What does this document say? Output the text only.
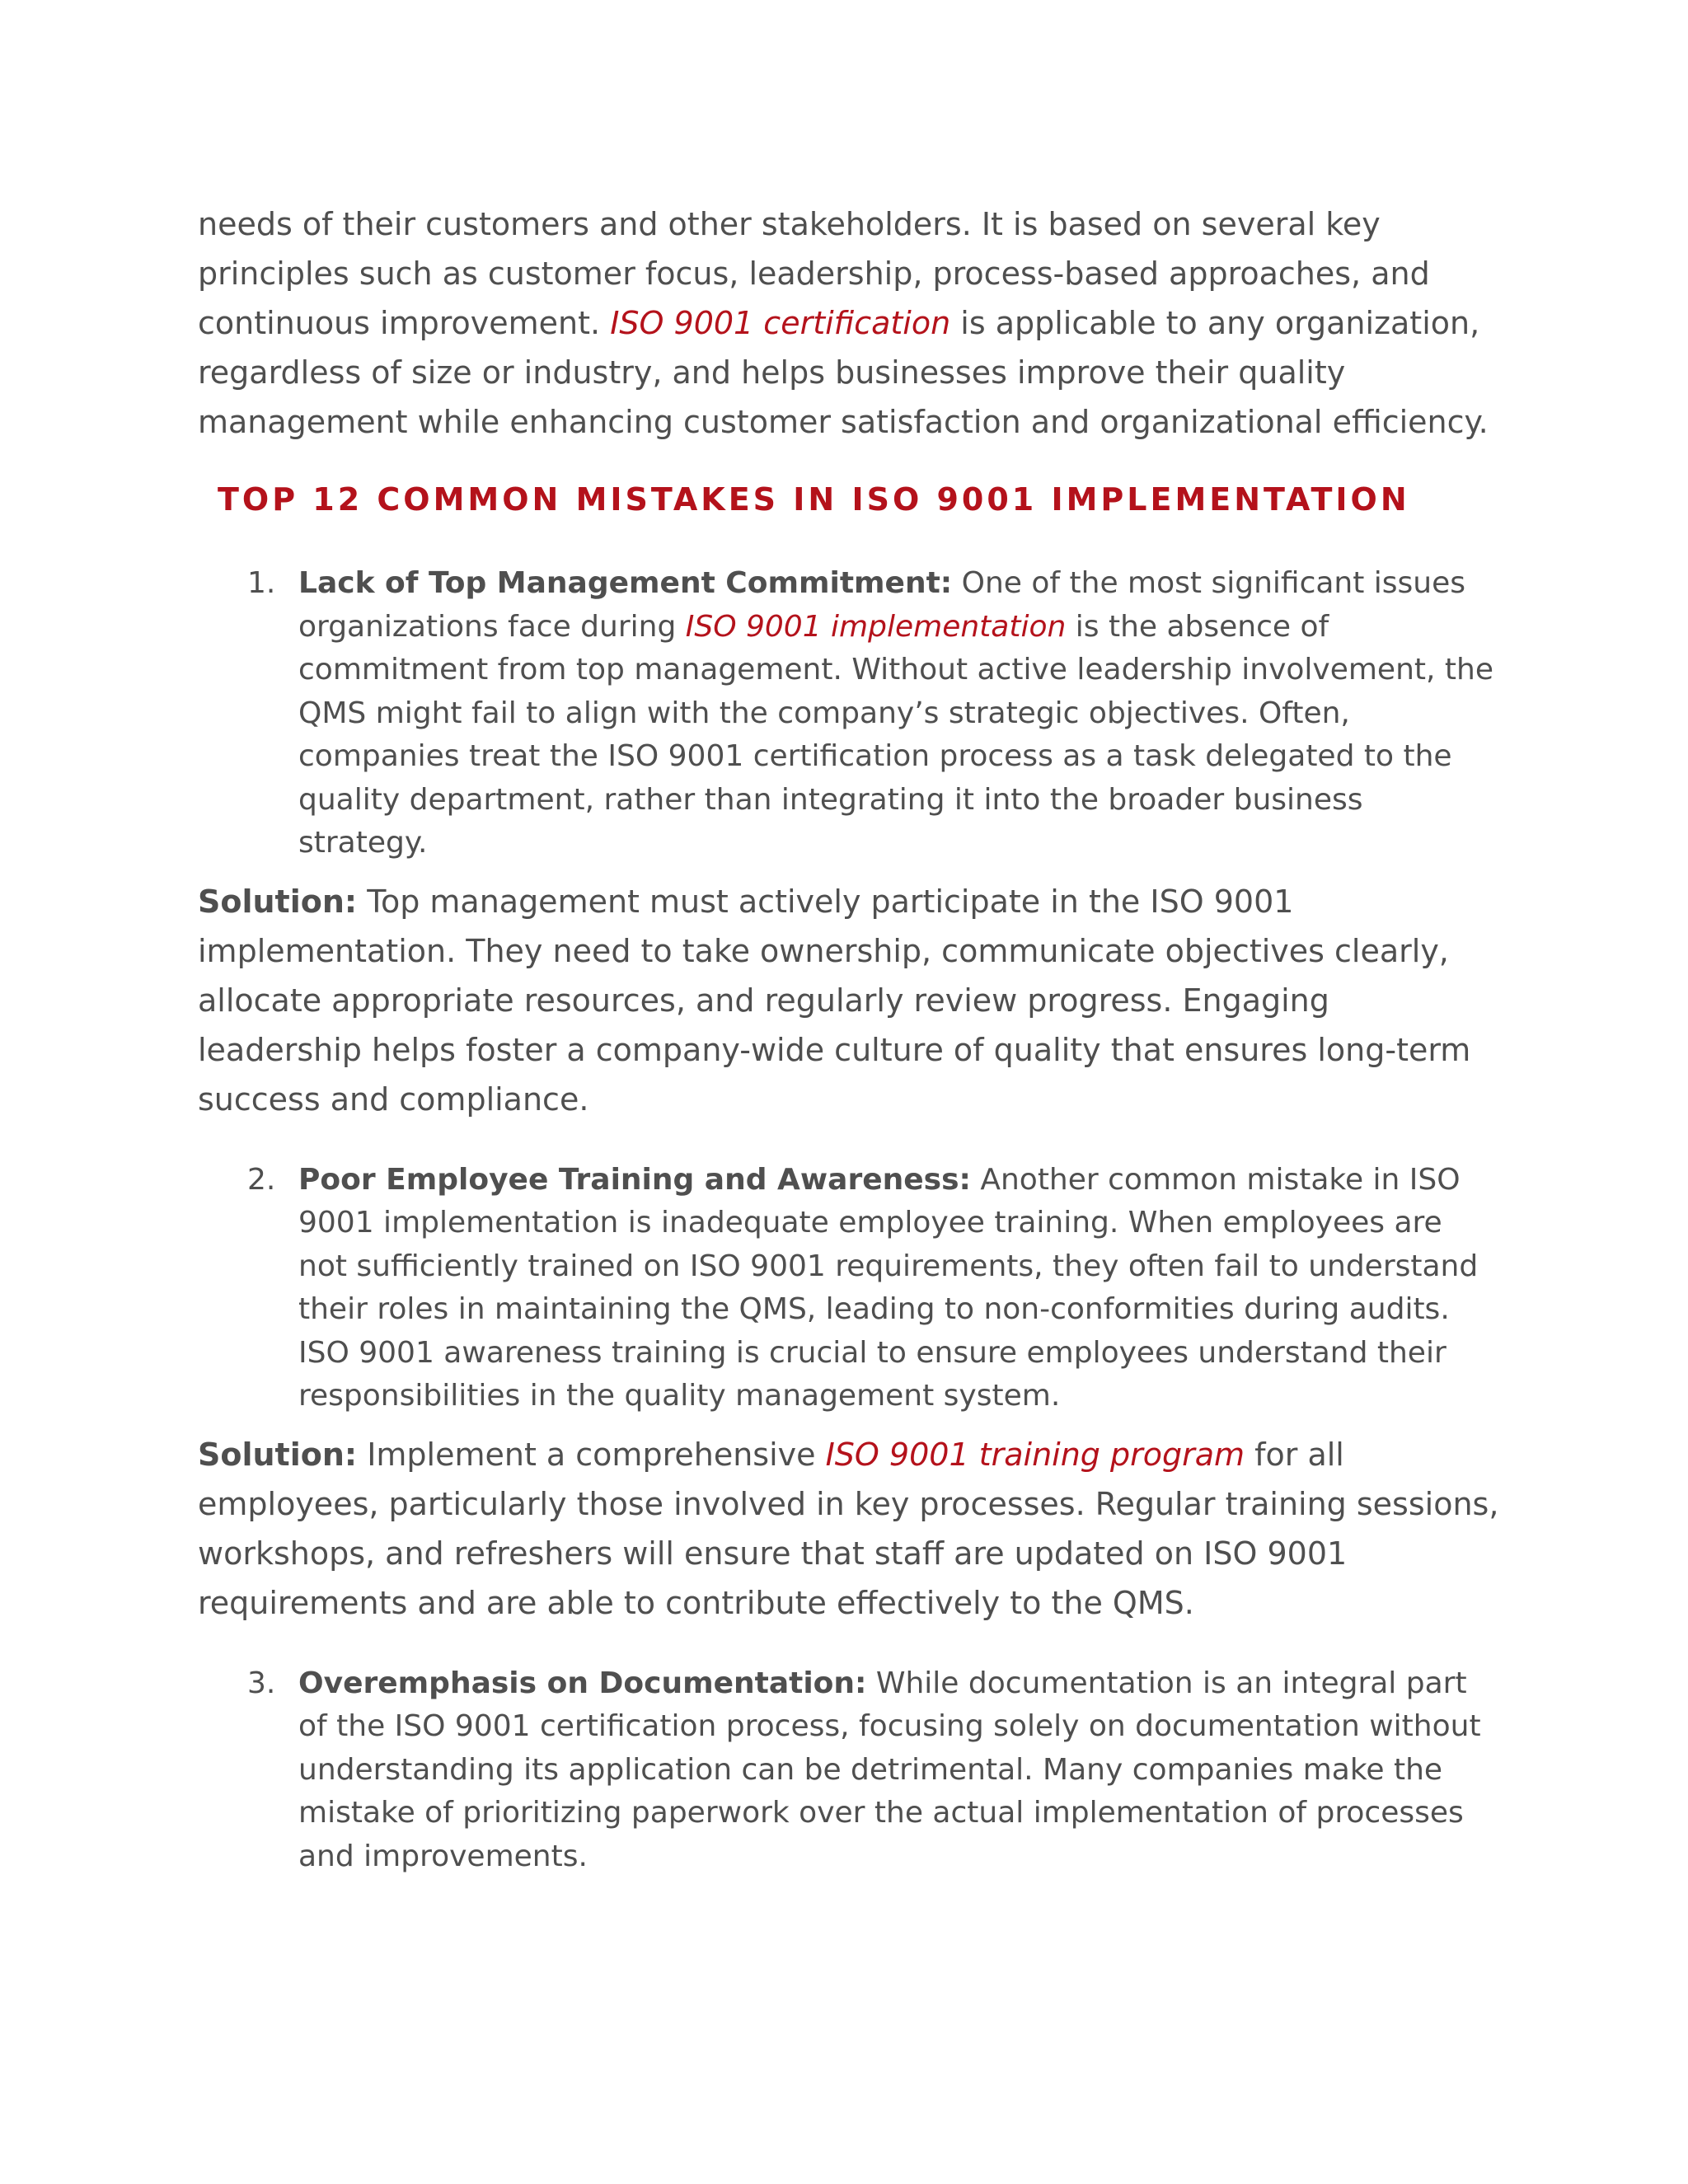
needs of their customers and other stakeholders. It is based on several key principles such as customer focus, leadership, process-based approaches, and continuous improvement. ISO 9001 certification is applicable to any organization, regardless of size or industry, and helps businesses improve their quality management while enhancing customer satisfaction and organizational efficiency.

TOP 12 COMMON MISTAKES IN ISO 9001 IMPLEMENTATION

1. Lack of Top Management Commitment: One of the most significant issues organizations face during ISO 9001 implementation is the absence of commitment from top management. Without active leadership involvement, the QMS might fail to align with the company’s strategic objectives. Often, companies treat the ISO 9001 certification process as a task delegated to the quality department, rather than integrating it into the broader business strategy.

Solution: Top management must actively participate in the ISO 9001 implementation. They need to take ownership, communicate objectives clearly, allocate appropriate resources, and regularly review progress. Engaging leadership helps foster a company-wide culture of quality that ensures long-term success and compliance.

2. Poor Employee Training and Awareness: Another common mistake in ISO 9001 implementation is inadequate employee training. When employees are not sufficiently trained on ISO 9001 requirements, they often fail to understand their roles in maintaining the QMS, leading to non-conformities during audits. ISO 9001 awareness training is crucial to ensure employees understand their responsibilities in the quality management system.

Solution: Implement a comprehensive ISO 9001 training program for all employees, particularly those involved in key processes. Regular training sessions, workshops, and refreshers will ensure that staff are updated on ISO 9001 requirements and are able to contribute effectively to the QMS.

3. Overemphasis on Documentation: While documentation is an integral part of the ISO 9001 certification process, focusing solely on documentation without understanding its application can be detrimental. Many companies make the mistake of prioritizing paperwork over the actual implementation of processes and improvements.
